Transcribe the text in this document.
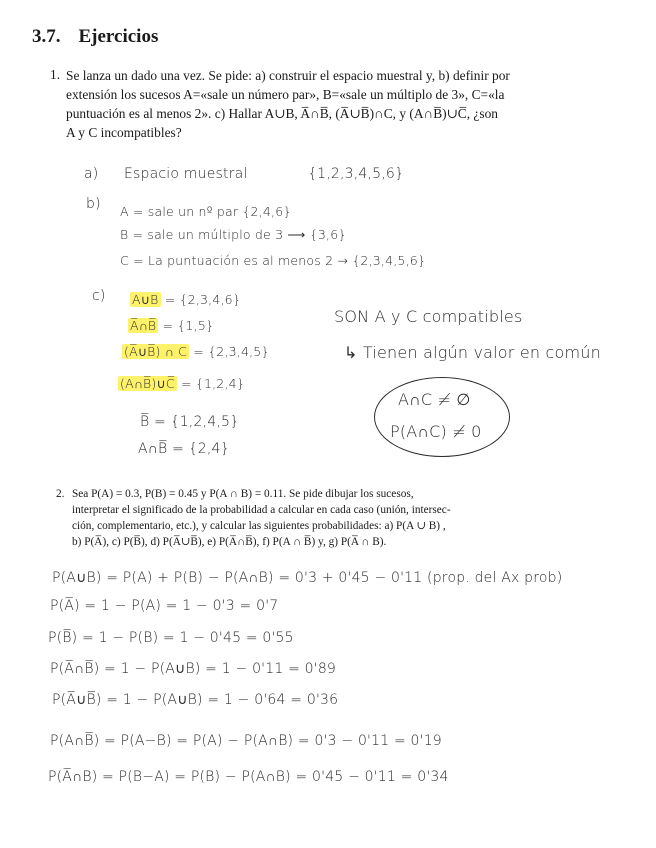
3.7. Ejercicios
1. Se lanza un dado una vez. Se pide: a) construir el espacio muestral y, b) definir por
extensión los sucesos A=«sale un número par», B=«sale un múltiplo de 3», C=«la
puntuación es al menos 2». c) Hallar A∪B, A̅∩B̅, (A̅∪B̅)∩C, y (A∩B̅)∪C̅, ¿son
A y C incompatibles?
a) Espacio muestral	{1,2,3,4,5,6}
b) A = sale un nº par {2,4,6}
B = sale un múltiplo de 3 ⟶ {3,6}
C = La puntuación es al menos 2 → {2,3,4,5,6}
c) A∪B = {2,3,4,6}
A̅∩B̅ = {1,5}
(A̅∪B̅) ∩ C = {2,3,4,5}
(A∩B̅)∪C̅ = {1,2,4}
B̅ = {1,2,4,5}
A∩B̅ = {2,4}
SON A y C compatibles
↳ Tienen algún valor en común
A∩C ≠ ∅
P(A∩C) ≠ 0
2. Sea P(A) = 0.3, P(B) = 0.45 y P(A ∩ B) = 0.11. Se pide dibujar los sucesos,
interpretar el significado de la probabilidad a calcular en cada caso (unión, intersec-
ción, complementario, etc.), y calcular las siguientes probabilidades: a) P(A ∪ B) ,
b) P(A̅), c) P(B̅), d) P(A̅∪B̅), e) P(A̅∩B̅), f) P(A ∩ B̅) y, g) P(A̅ ∩ B).
P(A∪B) = P(A) + P(B) − P(A∩B) = 0'3 + 0'45 − 0'11 (prop. del Ax prob)
P(A̅) = 1 − P(A) = 1 − 0'3 = 0'7
P(B̅) = 1 − P(B) = 1 − 0'45 = 0'55
P(A̅∩B̅) = 1 − P(A∪B) = 1 − 0'11 = 0'89
P(A̅∪B̅) = 1 − P(A∪B) = 1 − 0'64 = 0'36
P(A∩B̅) = P(A−B) = P(A) − P(A∩B) = 0'3 − 0'11 = 0'19
P(A̅∩B) = P(B−A) = P(B) − P(A∩B) = 0'45 − 0'11 = 0'34
